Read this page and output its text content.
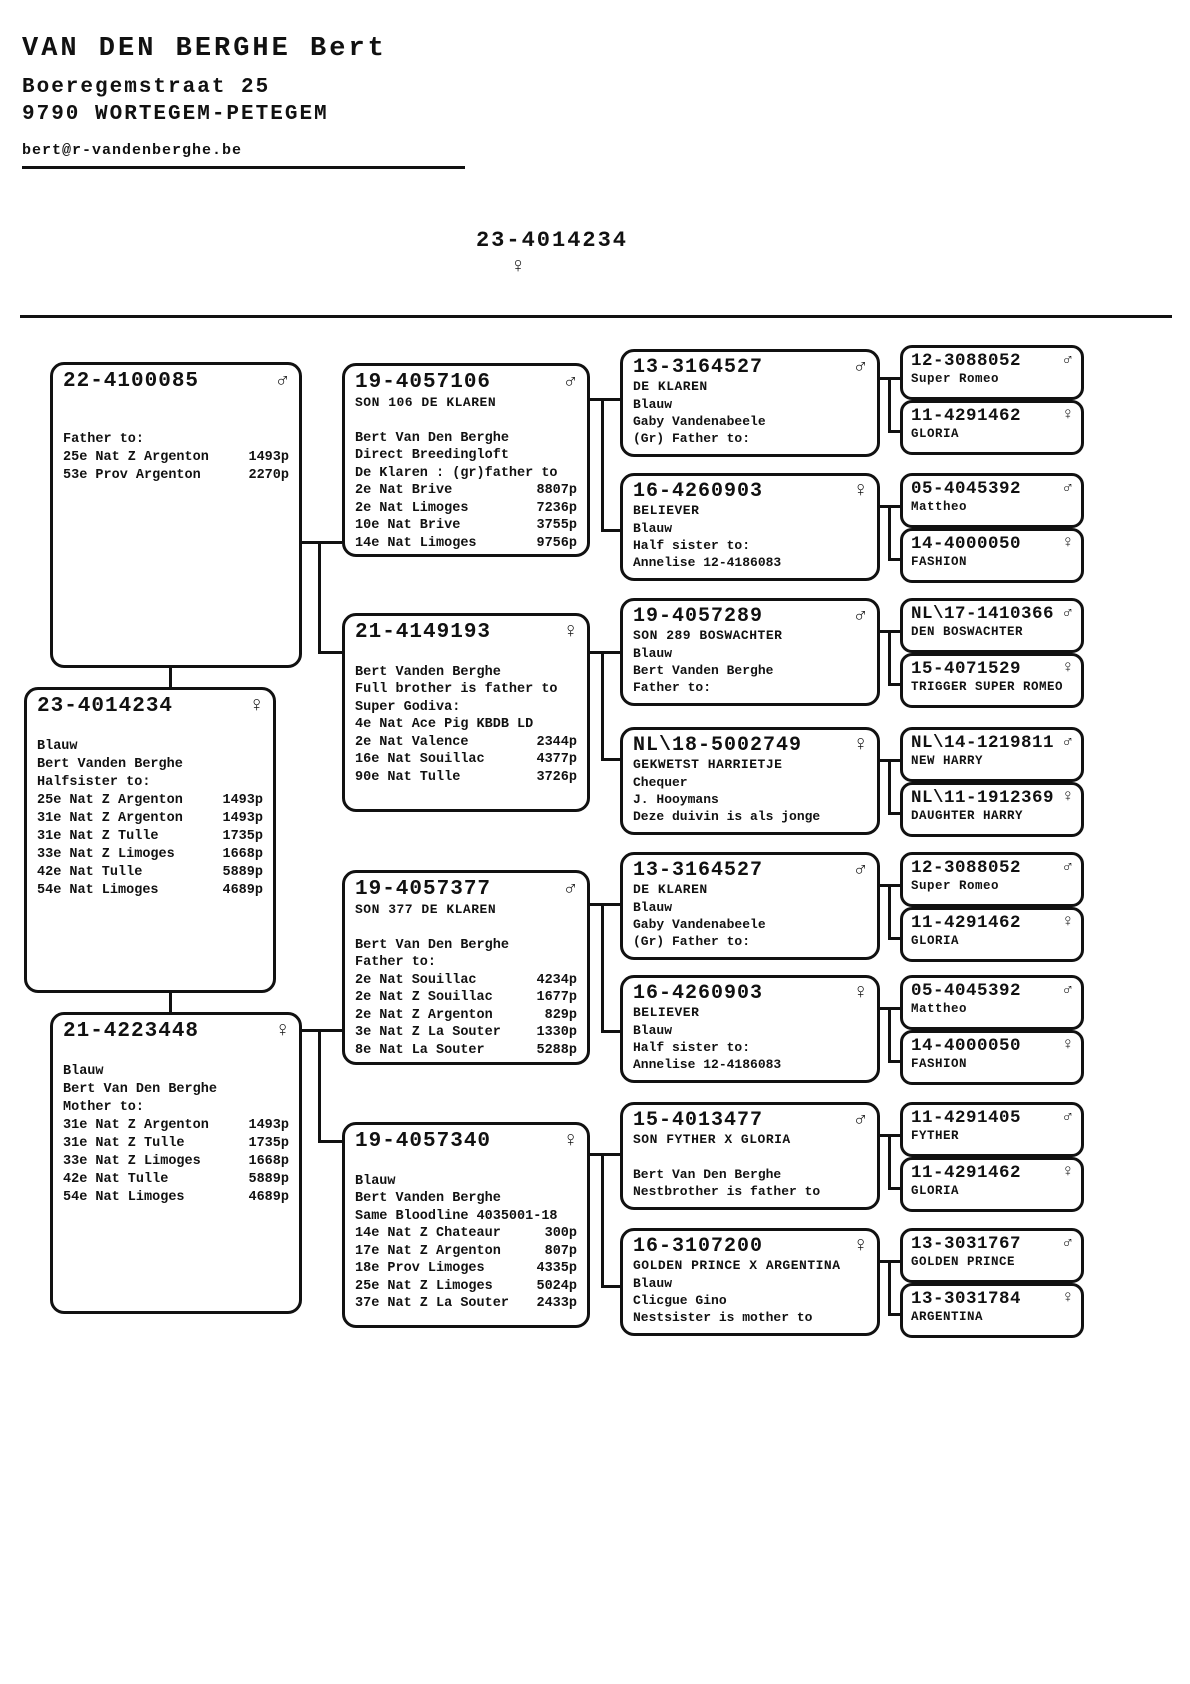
VAN DEN BERGHE Bert
Boeregemstraat 25
9790 WORTEGEM-PETEGEM
bert@r-vandenberghe.be
23-4014234
♀
22-4100085	♂

Father to:
25e Nat Z Argenton	1493p
53e Prov Argenton	2270p
23-4014234	♀

Blauw
Bert Vanden Berghe
Halfsister to:
25e Nat Z Argenton	1493p
31e Nat Z Argenton	1493p
31e Nat Z Tulle	1735p
33e Nat Z Limoges	1668p
42e Nat Tulle	5889p
54e Nat Limoges	4689p
21-4223448	♀

Blauw
Bert Van Den Berghe
Mother to:
31e Nat Z Argenton	1493p
31e Nat Z Tulle	1735p
33e Nat Z Limoges	1668p
42e Nat Tulle	5889p
54e Nat Limoges	4689p
19-4057106	♂
SON 106 DE KLAREN

Bert Van Den Berghe
Direct Breedingloft
De Klaren : (gr)father to
2e Nat Brive	8807p
2e Nat Limoges	7236p
10e Nat Brive	3755p
14e Nat Limoges	9756p
21-4149193	♀

Bert Vanden Berghe
Full brother is father to
Super Godiva:
4e Nat Ace Pig KBDB LD
2e Nat Valence	2344p
16e Nat Souillac	4377p
90e Nat Tulle	3726p
19-4057377	♂
SON 377 DE KLAREN

Bert Van Den Berghe
Father to:
2e Nat Souillac	4234p
2e Nat Z Souillac	1677p
2e Nat Z Argenton	829p
3e Nat Z La Souter	1330p
8e Nat La Souter	5288p
19-4057340	♀

Blauw
Bert Vanden Berghe
Same Bloodline 4035001-18
14e Nat Z Chateaur	300p
17e Nat Z Argenton	807p
18e Prov Limoges	4335p
25e Nat Z Limoges	5024p
37e Nat Z La Souter 2433p
13-3164527	♂
DE KLAREN
Blauw
Gaby Vandenabeele
(Gr) Father to:
16-4260903	♀
BELIEVER
Blauw
Half sister to:
Annelise 12-4186083
19-4057289	♂
SON 289 BOSWACHTER
Blauw
Bert Vanden Berghe
Father to:
NL\18-5002749 ♀
GEKWETST HARRIETJE
Chequer
J. Hooymans
Deze duivin is als jonge
13-3164527	♂
DE KLAREN
Blauw
Gaby Vandenabeele
(Gr) Father to:
16-4260903	♀
BELIEVER
Blauw
Half sister to:
Annelise 12-4186083
15-4013477	♂
SON FYTHER X GLORIA

Bert Van Den Berghe
Nestbrother is father to
16-3107200	♀
GOLDEN PRINCE X ARGENTINA
Blauw
Clicgue Gino
Nestsister is mother to
12-3088052 ♂
Super Romeo
11-4291462 ♀
GLORIA
05-4045392 ♂
Mattheo
14-4000050 ♀
FASHION
NL\17-1410366 ♂
DEN BOSWACHTER
15-4071529 ♀
TRIGGER SUPER ROMEO
NL\14-1219811 ♂
NEW HARRY
NL\11-1912369 ♀
DAUGHTER HARRY
12-3088052 ♂
Super Romeo
11-4291462 ♀
GLORIA
05-4045392 ♂
Mattheo
14-4000050 ♀
FASHION
11-4291405 ♂
FYTHER
11-4291462 ♀
GLORIA
13-3031767 ♂
GOLDEN PRINCE
13-3031784 ♀
ARGENTINA
